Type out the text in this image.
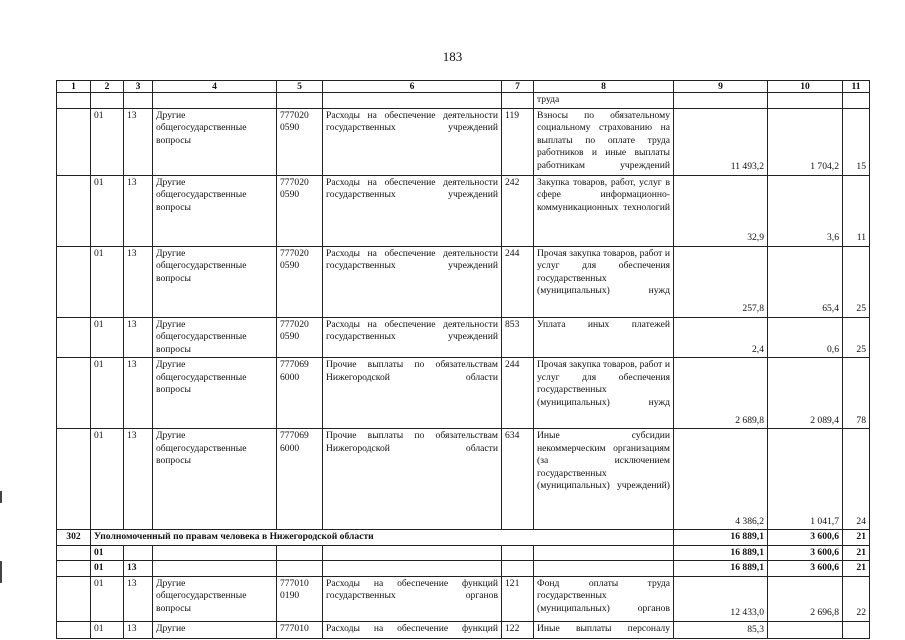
183
1	2	3	4	5	6	7	8	9	10	11
							труда			
	01	13	Другие общегосударственные вопросы	777020 0590	Расходы на обеспечение деятельности государственных учреждений	119	Взносы по обязательному социальному страхованию на выплаты по оплате труда работников и иные выплаты работникам учреждений	11 493,2	1 704,2	15
	01	13	Другие общегосударственные вопросы	777020 0590	Расходы на обеспечение деятельности государственных учреждений	242	Закупка товаров, работ, услуг в сфере информационно-коммуникационных технологий	32,9	3,6	11
	01	13	Другие общегосударственные вопросы	777020 0590	Расходы на обеспечение деятельности государственных учреждений	244	Прочая закупка товаров, работ и услуг для обеспечения государственных (муниципальных) нужд	257,8	65,4	25
	01	13	Другие общегосударственные вопросы	777020 0590	Расходы на обеспечение деятельности государственных учреждений	853	Уплата иных платежей	2,4	0,6	25
	01	13	Другие общегосударственные вопросы	777069 6000	Прочие выплаты по обязательствам Нижегородской области	244	Прочая закупка товаров, работ и услуг для обеспечения государственных (муниципальных) нужд	2 689,8	2 089,4	78
	01	13	Другие общегосударственные вопросы	777069 6000	Прочие выплаты по обязательствам Нижегородской области	634	Иные субсидии некоммерческим организациям (за исключением государственных (муниципальных) учреждений)	4 386,2	1 041,7	24
302	Уполномоченный по правам человека в Нижегородской области							16 889,1	3 600,6	21
	01							16 889,1	3 600,6	21
	01	13						16 889,1	3 600,6	21
	01	13	Другие общегосударственные вопросы	777010 0190	Расходы на обеспечение функций государственных органов	121	Фонд оплаты труда государственных (муниципальных) органов	12 433,0	2 696,8	22
	01	13	Другие	777010	Расходы на обеспечение функций	122	Иные выплаты персоналу	85,3		
